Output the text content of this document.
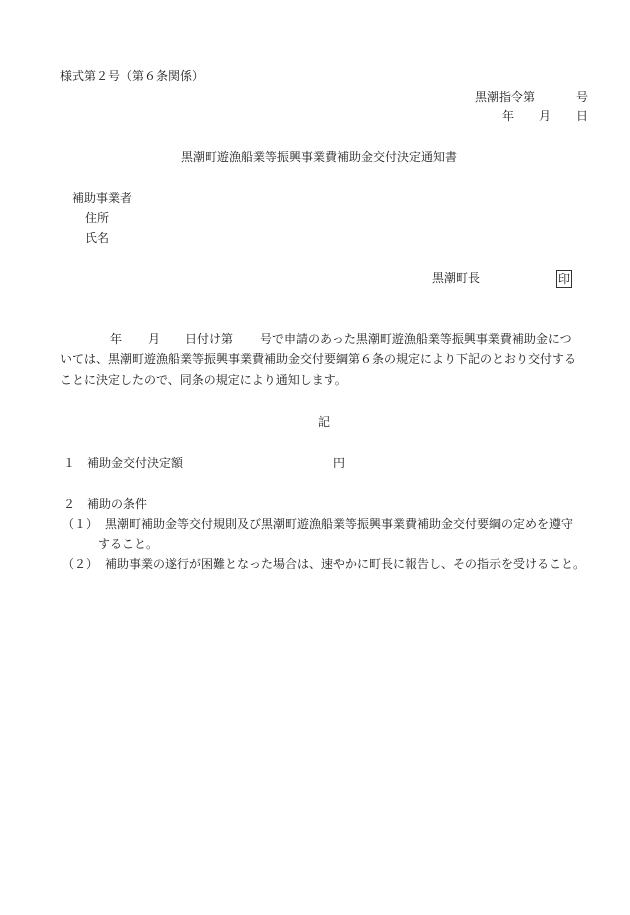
様式第２号（第６条関係）
黒潮指令第	号
年 月 日
黒潮町遊漁船業等振興事業費補助金交付決定通知書
補助事業者
住所
氏名
黒潮町長	印
年 月 日付け第 号で申請のあった黒潮町遊漁船業等振興事業費補助金につ
いては、黒潮町遊漁船業等振興事業費補助金交付要綱第６条の規定により下記のとおり交付する
ことに決定したので、同条の規定により通知します。
記
１ 補助金交付決定額	円
２ 補助の条件
（１） 黒潮町補助金等交付規則及び黒潮町遊漁船業等振興事業費補助金交付要綱の定めを遵守
すること。
（２） 補助事業の遂行が困難となった場合は、速やかに町長に報告し、その指示を受けること。
